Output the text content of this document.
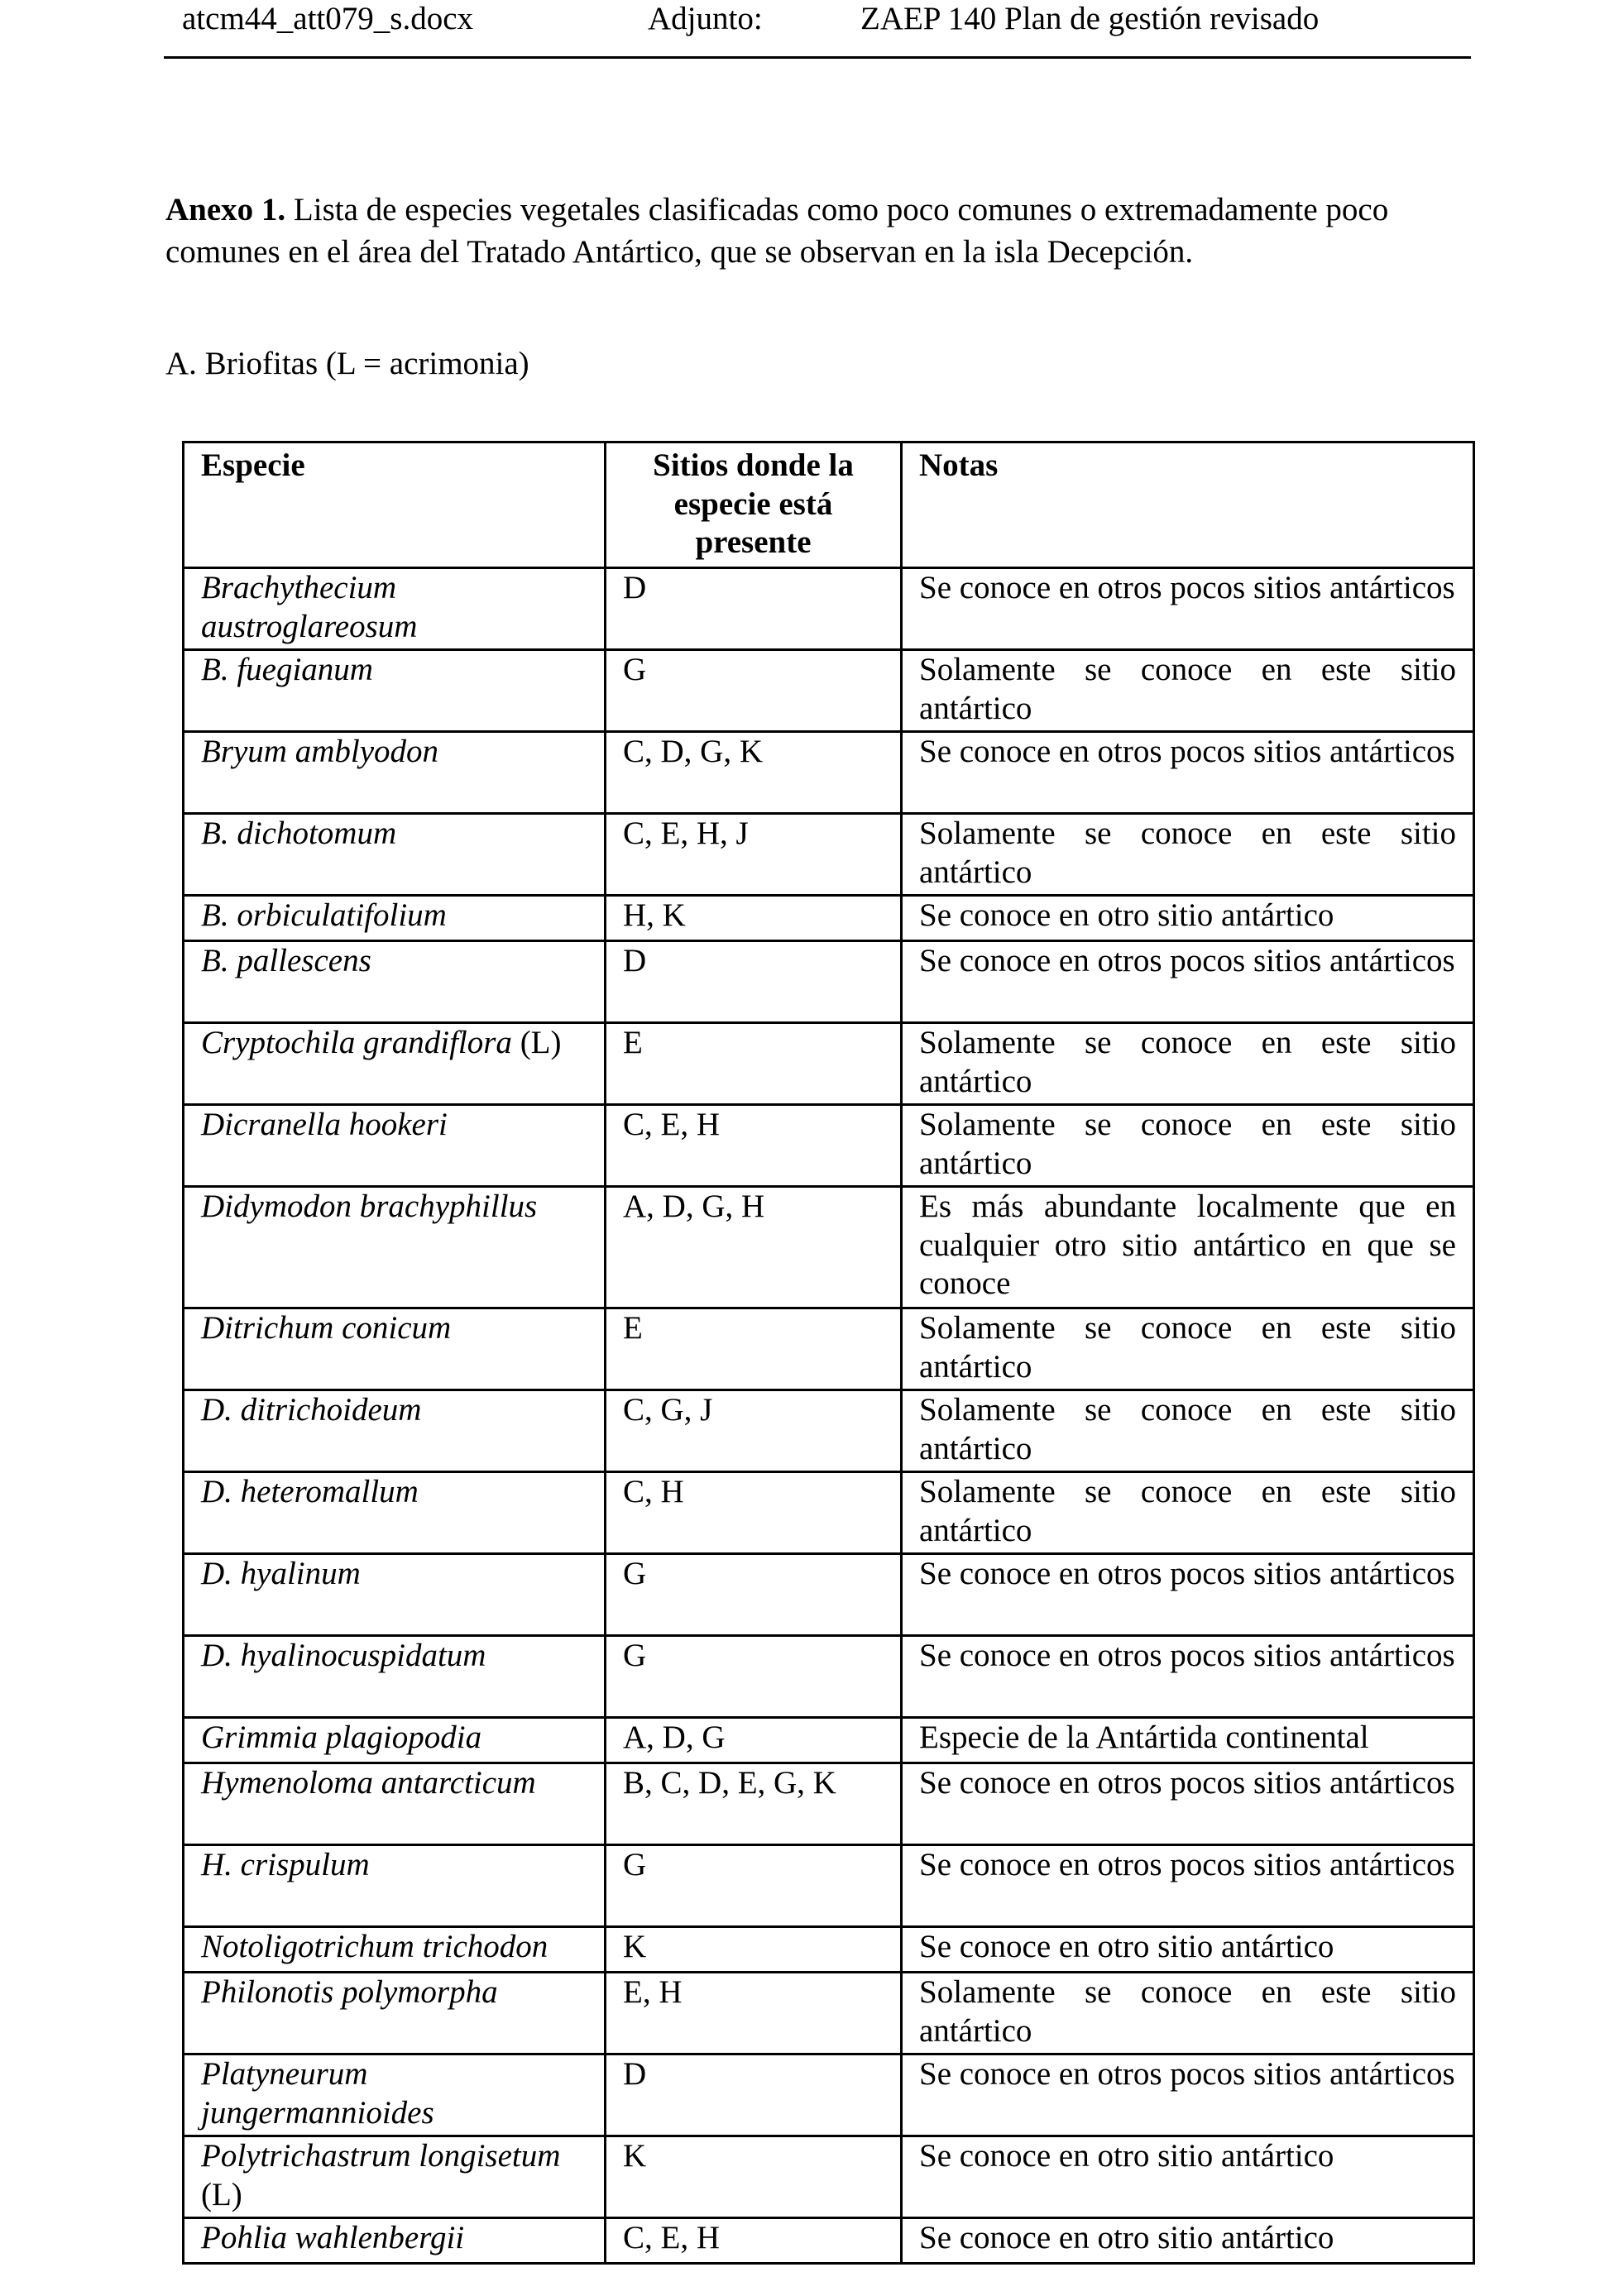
atcm44_att079_s.docx	Adjunto:	ZAEP 140 Plan de gestión revisado
Anexo 1. Lista de especies vegetales clasificadas como poco comunes o extremadamente poco comunes en el área del Tratado Antártico, que se observan en la isla Decepción.
A. Briofitas (L = acrimonia)
Especie	Sitios donde la especie está presente	Notas
Brachythecium austroglareosum	D	Se conoce en otros pocos sitios antárticos
B. fuegianum	G	Solamente se conoce en este sitio antártico
Bryum amblyodon	C, D, G, K	Se conoce en otros pocos sitios antárticos
B. dichotomum	C, E, H, J	Solamente se conoce en este sitio antártico
B. orbiculatifolium	H, K	Se conoce en otro sitio antártico
B. pallescens	D	Se conoce en otros pocos sitios antárticos
Cryptochila grandiflora (L)	E	Solamente se conoce en este sitio antártico
Dicranella hookeri	C, E, H	Solamente se conoce en este sitio antártico
Didymodon brachyphillus	A, D, G, H	Es más abundante localmente que en cualquier otro sitio antártico en que se conoce
Ditrichum conicum	E	Solamente se conoce en este sitio antártico
D. ditrichoideum	C, G, J	Solamente se conoce en este sitio antártico
D. heteromallum	C, H	Solamente se conoce en este sitio antártico
D. hyalinum	G	Se conoce en otros pocos sitios antárticos
D. hyalinocuspidatum	G	Se conoce en otros pocos sitios antárticos
Grimmia plagiopodia	A, D, G	Especie de la Antártida continental
Hymenoloma antarcticum	B, C, D, E, G, K	Se conoce en otros pocos sitios antárticos
H. crispulum	G	Se conoce en otros pocos sitios antárticos
Notoligotrichum trichodon	K	Se conoce en otro sitio antártico
Philonotis polymorpha	E, H	Solamente se conoce en este sitio antártico
Platyneurum jungermannioides	D	Se conoce en otros pocos sitios antárticos
Polytrichastrum longisetum (L)	K	Se conoce en otro sitio antártico
Pohlia wahlenbergii	C, E, H	Se conoce en otro sitio antártico
